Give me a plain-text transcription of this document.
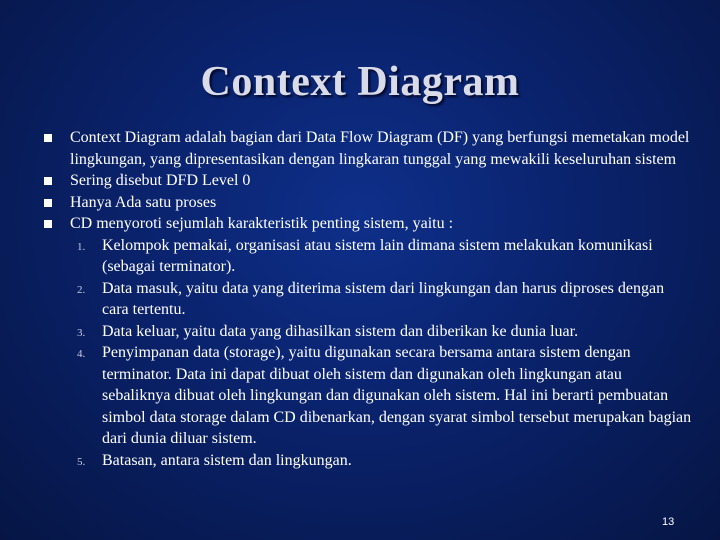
Context Diagram
Context Diagram adalah bagian dari Data Flow Diagram (DF) yang berfungsi memetakan model lingkungan, yang dipresentasikan dengan lingkaran tunggal yang mewakili keseluruhan sistem
Sering disebut DFD Level 0
Hanya Ada satu proses
CD menyoroti sejumlah karakteristik penting sistem, yaitu :
1. Kelompok pemakai, organisasi atau sistem lain dimana sistem melakukan komunikasi (sebagai terminator).
2. Data masuk, yaitu data yang diterima sistem dari lingkungan dan harus diproses dengan cara tertentu.
3. Data keluar, yaitu data yang dihasilkan sistem dan diberikan ke dunia luar.
4. Penyimpanan data (storage), yaitu digunakan secara bersama antara sistem dengan terminator. Data ini dapat dibuat oleh sistem dan digunakan oleh lingkungan atau sebaliknya dibuat oleh lingkungan dan digunakan oleh sistem. Hal ini berarti pembuatan simbol data storage dalam CD dibenarkan, dengan syarat simbol tersebut merupakan bagian dari dunia diluar sistem.
5. Batasan, antara sistem dan lingkungan.
13
